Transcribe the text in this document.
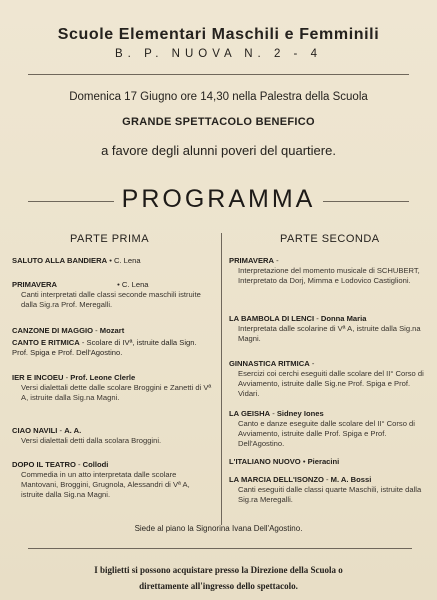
Scuole Elementari Maschili e Femminili
B. P. NUOVA N. 2 - 4
Domenica 17 Giugno ore 14,30 nella Palestra della Scuola
GRANDE SPETTACOLO BENEFICO
a favore degli alunni poveri del quartiere.
PROGRAMMA
PARTE PRIMA	PARTE SECONDA
SALUTO ALLA BANDIERA • C. Lena
PRIMAVERA	• C. Lena
Canti interpretati dalle classi seconde maschili istruite dalla Sig.ra Prof. Meregalli.
CANZONE DI MAGGIO - Mozart
CANTO E RITMICA - Scolare di IVª, istruite dalla Sign. Prof. Spiga e Prof. Dell'Agostino.
IER E INCOEU - Prof. Leone Clerle
Versi dialettali dette dalle scolare Broggini e Zanetti di Vª A, istruite dalla Sig.na Magni.
CIAO NAVILI - A. A.
Versi dialettali detti dalla scolara Broggini.
DOPO IL TEATRO - Collodi
Commedia in un atto interpretata dalle scolare Mantovani, Broggini, Grugnola, Alessandri di Vª A, istruite dalla Sig.na Magni.
PRIMAVERA -
Interpretazione del momento musicale di SCHUBERT, Interpretato da Dorj, Mimma e Lodovico Castiglioni.
LA BAMBOLA DI LENCI - Donna Maria
Interpretata dalle scolarine di Vª A, istruite dalla Sig.na Magni.
GINNASTICA RITMICA -
Esercizi coi cerchi eseguiti dalle scolare del II° Corso di Avviamento, istruite dalle Sig.ne Prof. Spiga e Prof. Vidari.
LA GEISHA - Sidney Iones
Canto e danze eseguite dalle scolare del II° Corso di Avviamento, istruite dalle Prof. Spiga e Prof. Dell'Agostino.
L'ITALIANO NUOVO • Pieracini
LA MARCIA DELL'ISONZO - M. A. Bossi
Canti eseguiti dalle classi quarte Maschili, istruite dalla Sig.ra Meregalli.
Siede al piano la Signorina Ivana Dell'Agostino.
I biglietti si possono acquistare presso la Direzione della Scuola o
direttamente all'ingresso dello spettacolo.
